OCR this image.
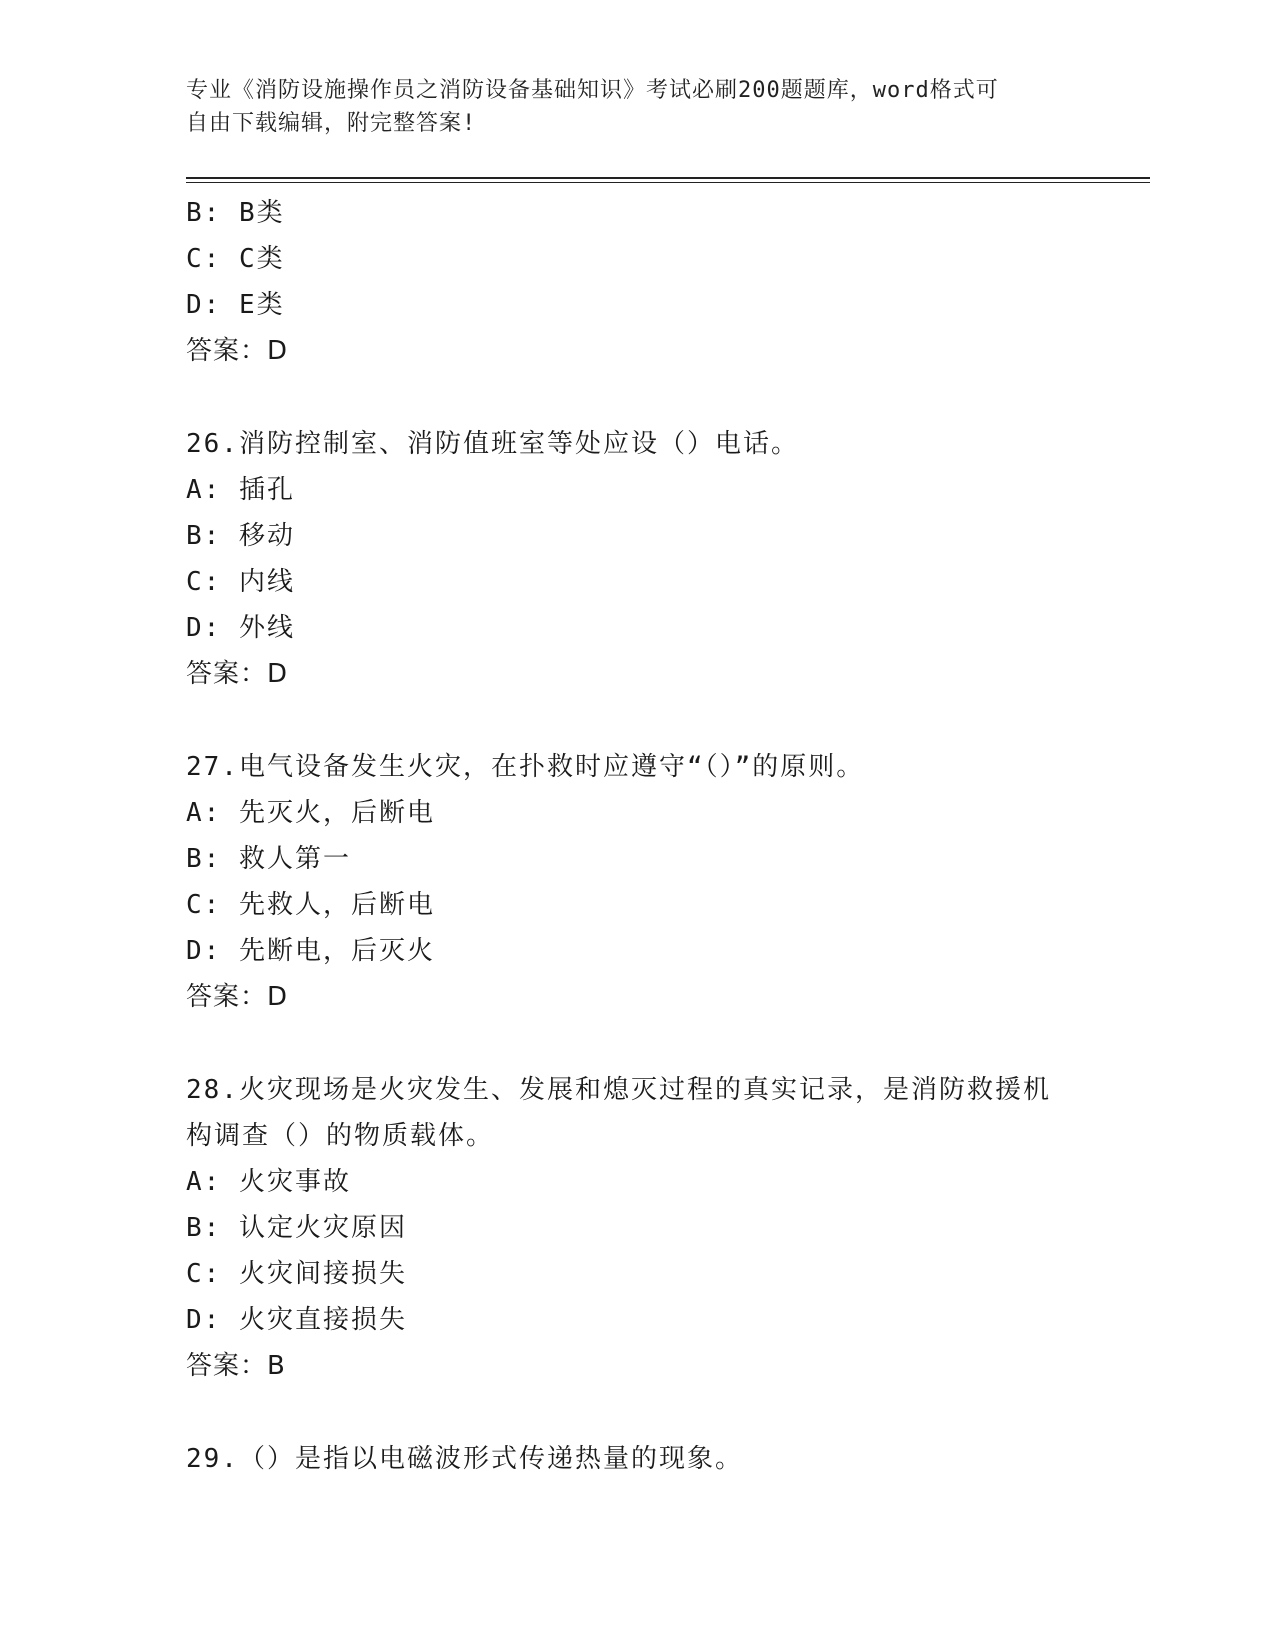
专业《消防设施操作员之消防设备基础知识》考试必刷200题题库，word格式可
自由下载编辑，附完整答案!
B: B类
C: C类
D: E类
答案：D
26.消防控制室、消防值班室等处应设（）电话。
A: 插孔
B: 移动
C: 内线
D: 外线
答案：D
27.电气设备发生火灾，在扑救时应遵守“（）”的原则。
A: 先灭火，后断电
B: 救人第一
C: 先救人，后断电
D: 先断电，后灭火
答案：D
28.火灾现场是火灾发生、发展和熄灭过程的真实记录，是消防救援机
构调查（）的物质载体。
A: 火灾事故
B: 认定火灾原因
C: 火灾间接损失
D: 火灾直接损失
答案：B
29.（）是指以电磁波形式传递热量的现象。
